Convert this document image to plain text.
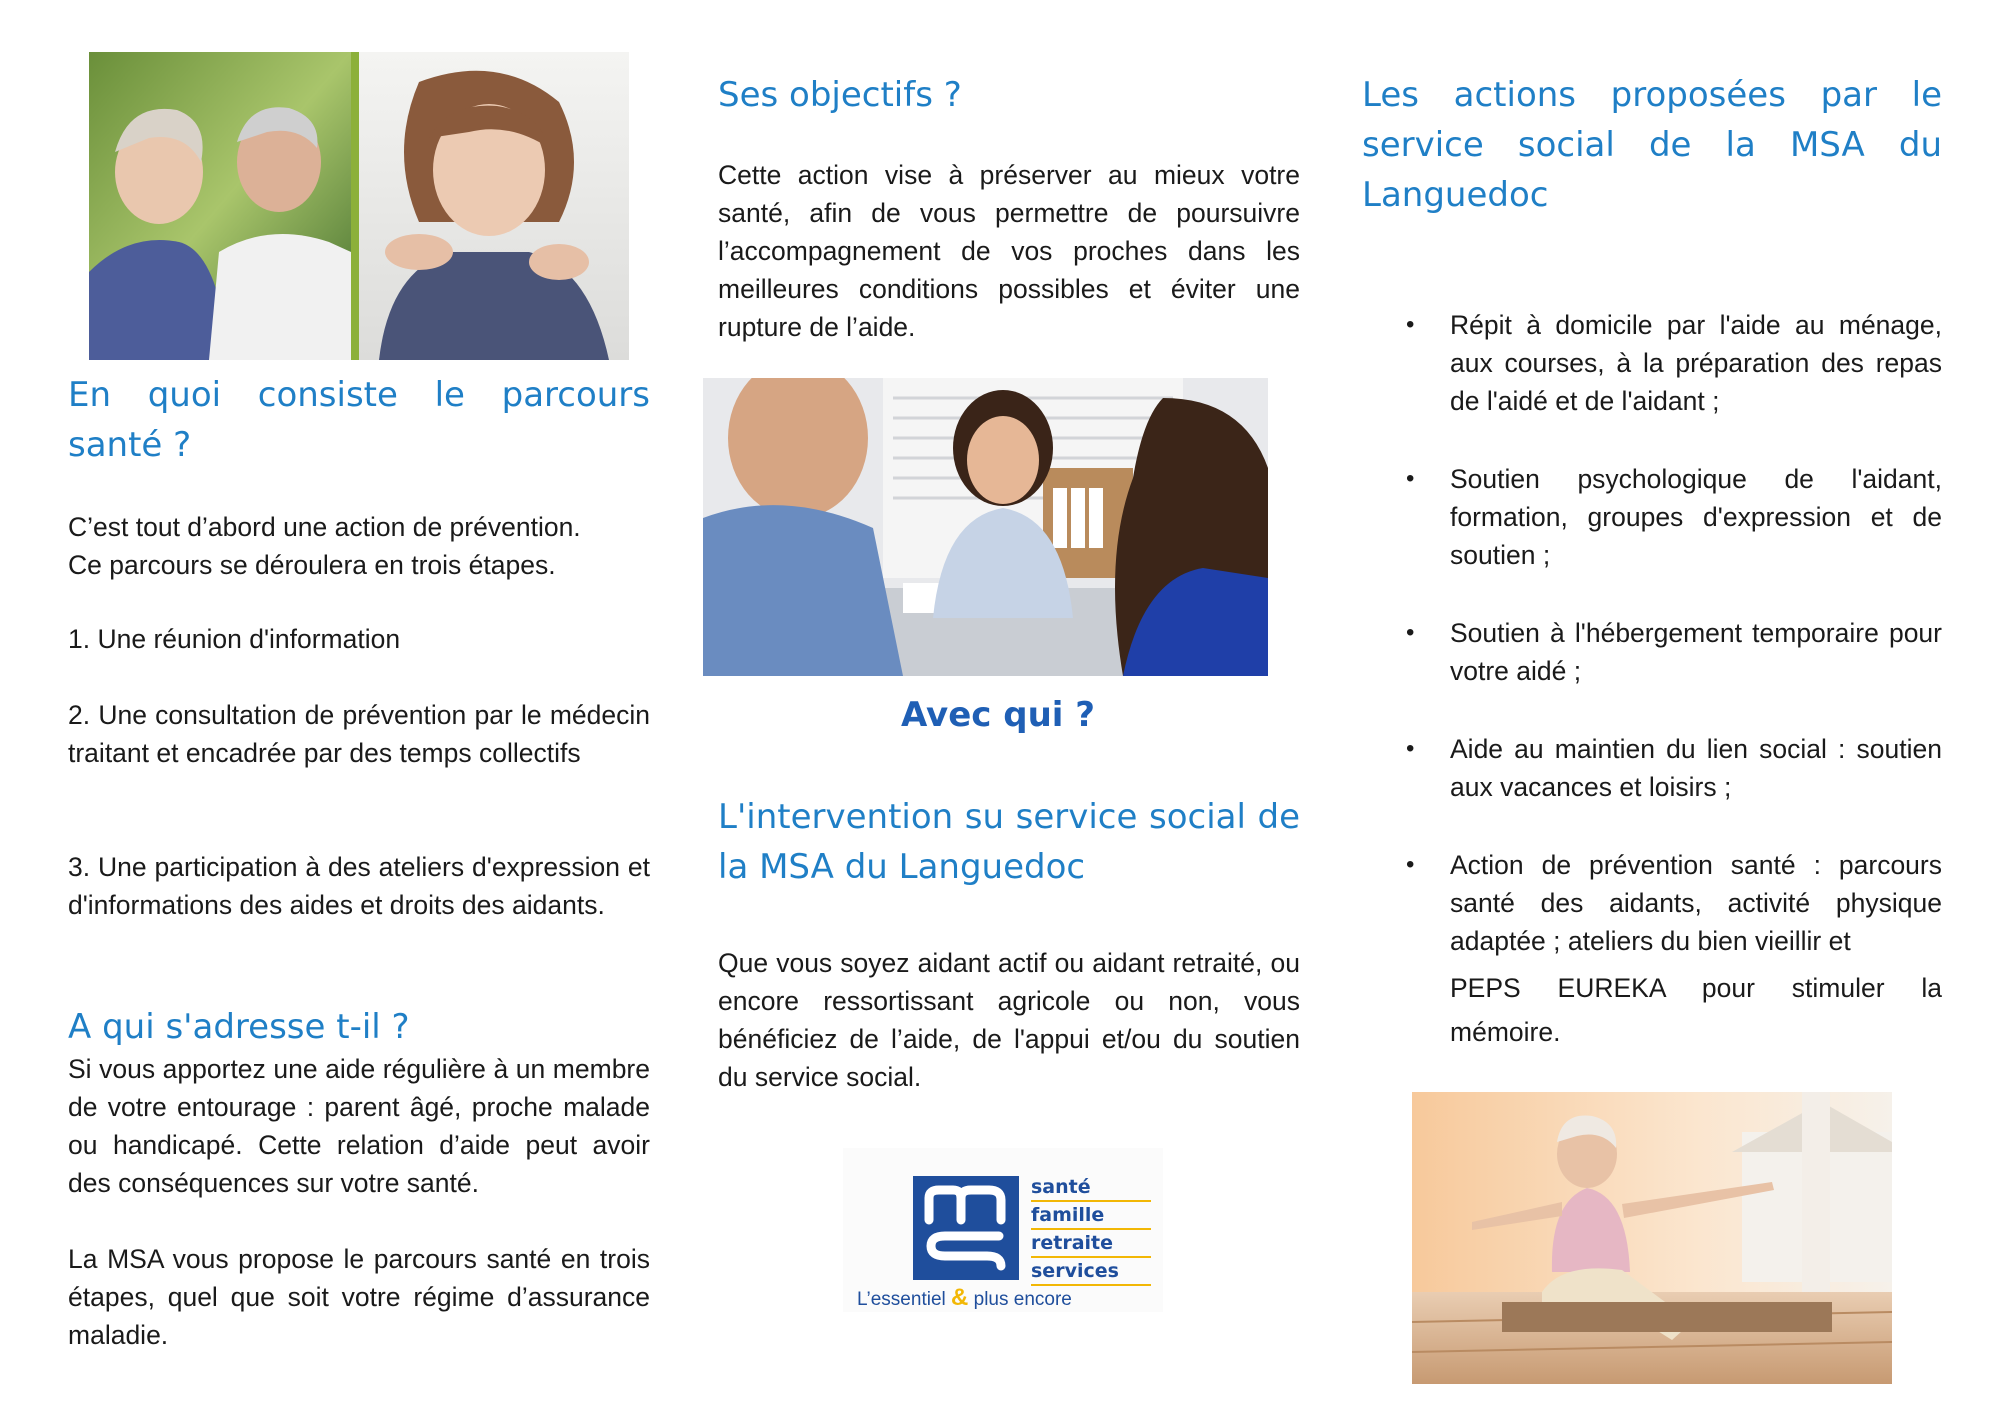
En quoi consiste le parcours santé ?

C’est tout d’abord une action de prévention.

Ce parcours se déroulera en trois étapes.

1. Une réunion d'information

2. Une consultation de prévention par le médecin traitant et encadrée par des temps collectifs

3. Une participation à des ateliers d'expression et d'informations des aides et droits des aidants.

A qui s'adresse t-il ?

Si vous apportez une aide régulière à un membre de votre entourage : parent âgé, proche malade ou handicapé. Cette relation d’aide peut avoir des conséquences sur votre santé.

La MSA vous propose le parcours santé en trois étapes, quel que soit votre régime d’assurance maladie.

Ses objectifs ?

Cette action vise à préserver au mieux votre santé, afin de vous permettre de poursuivre l’accompagnement de vos proches dans les meilleures conditions possibles et éviter une rupture de l’aide.

Avec qui ?
L'intervention su service social de la MSA du Languedoc

Que vous soyez aidant actif ou aidant retraité, ou encore ressortissant agricole ou non, vous bénéficiez de l’aide, de l'appui et/ou du soutien du service social.

santé
famille
retraite
services
L’essentiel & plus encore
Les actions proposées par le service social de la MSA du Languedoc
• Répit à domicile par l'aide au ménage, aux courses, à la préparation des repas de l'aidé et de l'aidant ;
• Soutien psychologique de l'aidant, formation, groupes d'expression et de soutien ;
• Soutien à l'hébergement temporaire pour votre aidé ;
• Aide au maintien du lien social : soutien aux vacances et loisirs ;
• Action de prévention santé : parcours santé des aidants, activité physique adaptée ; ateliers du bien vieillir et
PEPS EUREKA pour stimuler la
mémoire.
